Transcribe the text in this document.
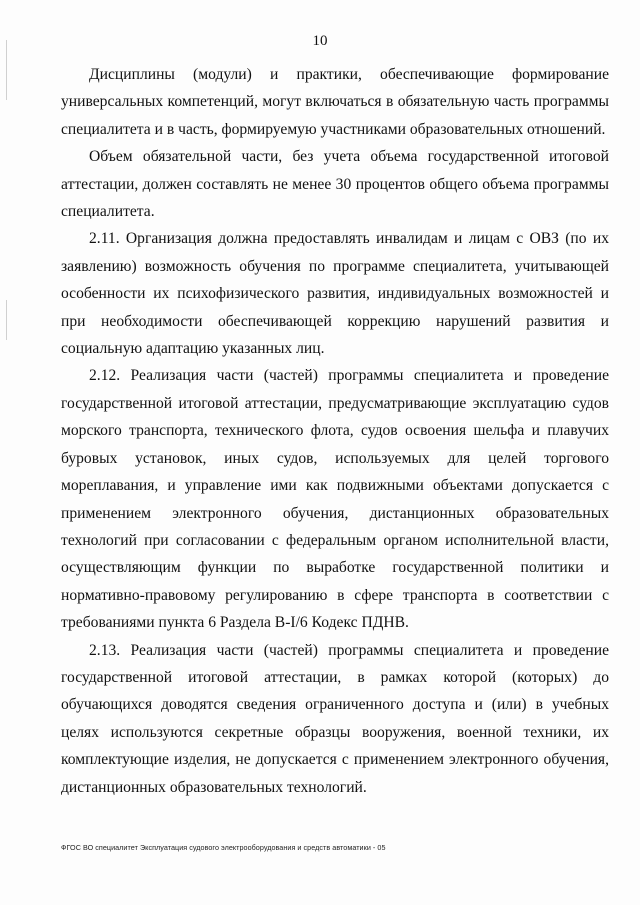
10

Дисциплины (модули) и практики, обеспечивающие формирование универсальных компетенций, могут включаться в обязательную часть программы специалитета и в часть, формируемую участниками образовательных отношений.

Объем обязательной части, без учета объема государственной итоговой аттестации, должен составлять не менее 30 процентов общего объема программы специалитета.

2.11. Организация должна предоставлять инвалидам и лицам с ОВЗ (по их заявлению) возможность обучения по программе специалитета, учитывающей особенности их психофизического развития, индивидуальных возможностей и при необходимости обеспечивающей коррекцию нарушений развития и социальную адаптацию указанных лиц.

2.12. Реализация части (частей) программы специалитета и проведение государственной итоговой аттестации, предусматривающие эксплуатацию судов морского транспорта, технического флота, судов освоения шельфа и плавучих буровых установок, иных судов, используемых для целей торгового мореплавания, и управление ими как подвижными объектами допускается с применением электронного обучения, дистанционных образовательных технологий при согласовании с федеральным органом исполнительной власти, осуществляющим функции по выработке государственной политики и нормативно-правовому регулированию в сфере транспорта в соответствии с требованиями пункта 6 Раздела В-I/6 Кодекс ПДНВ.

2.13. Реализация части (частей) программы специалитета и проведение государственной итоговой аттестации, в рамках которой (которых) до обучающихся доводятся сведения ограниченного доступа и (или) в учебных целях используются секретные образцы вооружения, военной техники, их комплектующие изделия, не допускается с применением электронного обучения, дистанционных образовательных технологий.

ФГОС ВО специалитет Эксплуатация судового электрооборудования и средств автоматики - 05
